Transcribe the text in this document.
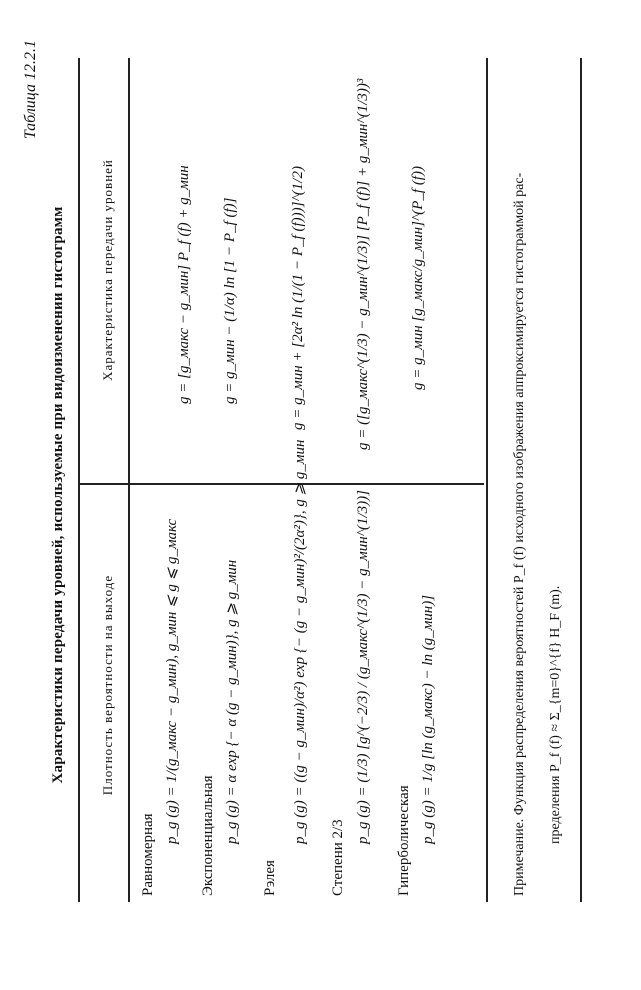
Таблица 12.2.1
Характеристики передачи уровней, используемые при видоизменении гистограмм	Плотность вероятности на выходе
Характеристика передачи уровней
Равномерная
p_g (g) = 1/(g_макс − g_мин), g_мин ⩽ g ⩽ g_макс
g = [g_макс − g_мин] P_f (f) + g_мин
Экспоненциальная p_g (g) = α exp {− α (g − g_мин)}, g ⩾ g_мин
g = g_мин − (1/α) ln [1 − P_f (f)]
Рэлея
p_g (g) = ((g − g_мин)/α²) exp {− (g − g_мин)²/(2α²)}, g ⩾ g_мин
g = g_мин + [2α² ln (1/(1 − P_f (f)))]^(1/2)
Степени 2/3
p_g (g) = (1/3) [g^(−2/3) / (g_макс^(1/3) − g_мин^(1/3))]
g = ([g_макс^(1/3) − g_мин^(1/3)] [P_f (f)] + g_мин^(1/3))³
Гиперболическая p_g (g) = 1/g [ln (g_макс) − ln (g_мин)]
g = g_мин [g_макс/g_мин]^(P_f (f))	Примечание. Функция распределения вероятностей P_f (f) исходного изображения аппроксимируется гистограммой рас- пределения P_f (f) ≈ Σ_{m=0}^{f} H_F (m).
